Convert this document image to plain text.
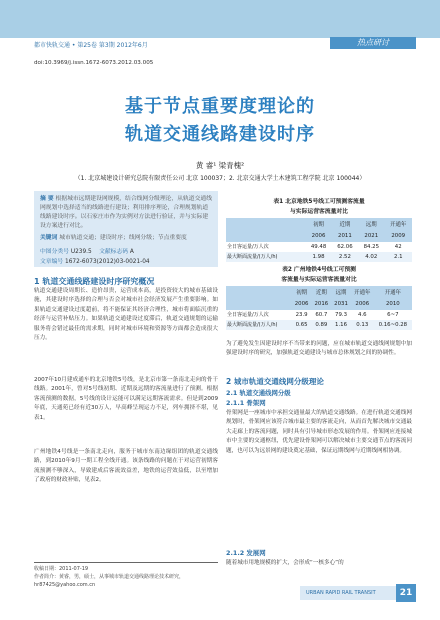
都市快轨交通 • 第25卷 第3期 2012年6月	热点研讨
doi:10.3969/j.issn.1672-6073.2012.03.005
基于节点重要度理论的
轨道交通线路建设时序
黄 睿¹ 梁青槐²
（1. 北京城建设计研究总院有限责任公司 北京 100037；2. 北京交通大学土木建筑工程学院 北京 100044）
摘 要 根据城市远期建设网规模，结合线网分级理论，从轨道交通线网规划中选择适当的线路进行建设；利用排序理论，合理规划轨道线路建设时序。以石家庄市作为实例对方法进行验证，并与实际建设方案进行对比。
关键词 城市轨道交通；建设时序；线网分级；节点重要度
中图分类号 U239.5 文献标志码 A
文章编号 1672-6073(2012)03-0021-04
1 轨道交通线路建设时序研究概况
轨道交通建设周期长、造价昂贵，运营成本高，是投资较大的城市基础设施，其建设时序选择的合理与否会对城市社会经济发展产生重要影响。如果轨道交通建设过度超前，将不能保证其经济合理性，城市将面临沉重的经济与运营补贴压力。如果轨道交通建设过度滞后，轨道交通规划的运输服务将会错过最佳的需求期，同时对城市环境和资源等方面都会造成很大压力。
2007年10月建成通车的北京地铁5号线，是北京市第一条南北走向的骨干线路。2001年，曾对5号线初期、近期及远期的客流量进行了预测。根据客流预测的数据，5号线的设计运能可以满足远期客流需求。但是到2009年底，天通苑已经有近30万人，早高峰呈现运力不足，列车拥挤不堪，见表1。
广州地铁4号线是一条南北走向，服务于城市东南边缘组团的轨道交通线路，到2010年9月一期工程全线开通。该条线路的问题在于对运营初期客流预测不够深入，导致建成后客流效益差，地铁的运营效益低，以至增加了政府的财政补贴，见表2。
收稿日期：2011-07-19
作者简介：黄睿，男，硕士，从事城市轨道交通线路理论技术研究，hr87425@yahoo.com.cn
表1 北京地铁5号线工可预测客流量
与实际运营客流量对比
	初期	近期	远期	开通年
	2006	2011	2021	2009
全日客运量/万人次	49.48	62.06	84.25	42
最大断面流量/(万人/h)	1.98	2.52	4.02	2.1
表2 广州地铁4号线工可预测
客流量与实际运营客流量对比
	初期	近期	远期	开通年	开通年
	2006	2016	2031	2006	2010
全日客运量/万人次	23.9	60.7	79.3	4.6	6~7
最大断面流量/(万人/h)	0.65	0.89	1.16	0.13	0.16~0.28
为了避免发生因建设时序不当带来的问题，应在城市轨道交通线网规划中加强建设时序的研究，加强轨道交通建设与城市总体规划之间的协调性。
2 城市轨道交通线网分级理论
2.1 轨道交通线网分级
2.1.1 骨架网
骨架网是一座城市中承担交通量最大的轨道交通线路。在进行轨道交通线网规划时，骨架网应该符合城市最主要的客流走向，从而首先解决城市交通最大走廊上的客流问题，同时具有引导城市形态发展的作用。骨架网应连接城市中主要的交通枢纽，优先建设骨架网可以解决城市主要交通节点的客流问题，也可以为远景网的建设奠定基础，保证远期线网与近期线网相协调。
2.1.2 发展网
随着城市用地规模的扩大，会形成“一核多心”的
URBAN RAPID RAIL TRANSIT	21
